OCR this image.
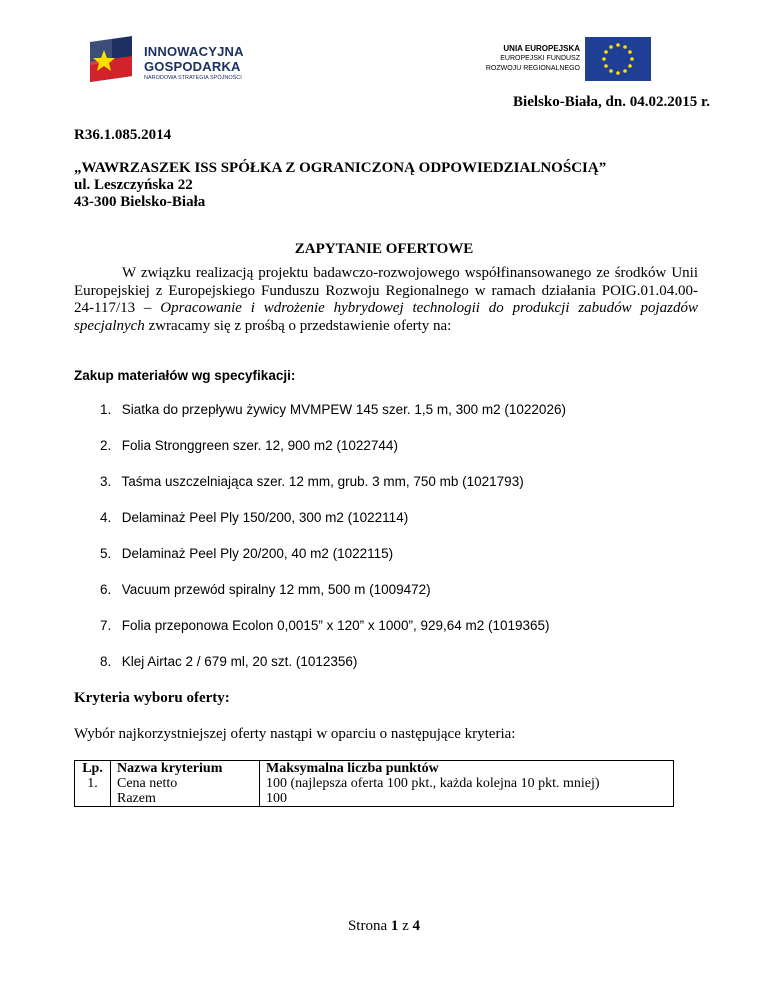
INNOWACYJNA
GOSPODARKA
NARODOWA STRATEGIA SPÓJNOŚCI
UNIA EUROPEJSKA
EUROPEJSKI FUNDUSZ
ROZWOJU REGIONALNEGO
Bielsko-Biała, dn. 04.02.2015 r.
R36.1.085.2014
„WAWRZASZEK ISS SPÓŁKA Z OGRANICZONĄ ODPOWIEDZIALNOŚCIĄ”
ul. Leszczyńska 22
43-300 Bielsko-Biała
ZAPYTANIE OFERTOWE
W związku realizacją projektu badawczo-rozwojowego współfinansowanego ze środków Unii Europejskiej z Europejskiego Funduszu Rozwoju Regionalnego w ramach działania POIG.01.04.00-24-117/13 – Opracowanie i wdrożenie hybrydowej technologii do produkcji zabudów pojazdów specjalnych zwracamy się z prośbą o przedstawienie oferty na:
Zakup materiałów wg specyfikacji:
1. Siatka do przepływu żywicy MVMPEW 145 szer. 1,5 m, 300 m2 (1022026)
2. Folia Stronggreen szer. 12, 900 m2 (1022744)
3. Taśma uszczelniająca szer. 12 mm, grub. 3 mm, 750 mb (1021793)
4. Delaminaż Peel Ply 150/200, 300 m2 (1022114)
5. Delaminaż Peel Ply 20/200, 40 m2 (1022115)
6. Vacuum przewód spiralny 12 mm, 500 m (1009472)
7. Folia przeponowa Ecolon 0,0015” x 120” x 1000”, 929,64 m2 (1019365)
8. Klej Airtac 2 / 679 ml, 20 szt. (1012356)
Kryteria wyboru oferty:
Wybór najkorzystniejszej oferty nastąpi w oparciu o następujące kryteria:
Lp.	Nazwa kryterium	Maksymalna liczba punktów
1.	Cena netto	100 (najlepsza oferta 100 pkt., każda kolejna 10 pkt. mniej)
	Razem	100
Strona 1 z 4
